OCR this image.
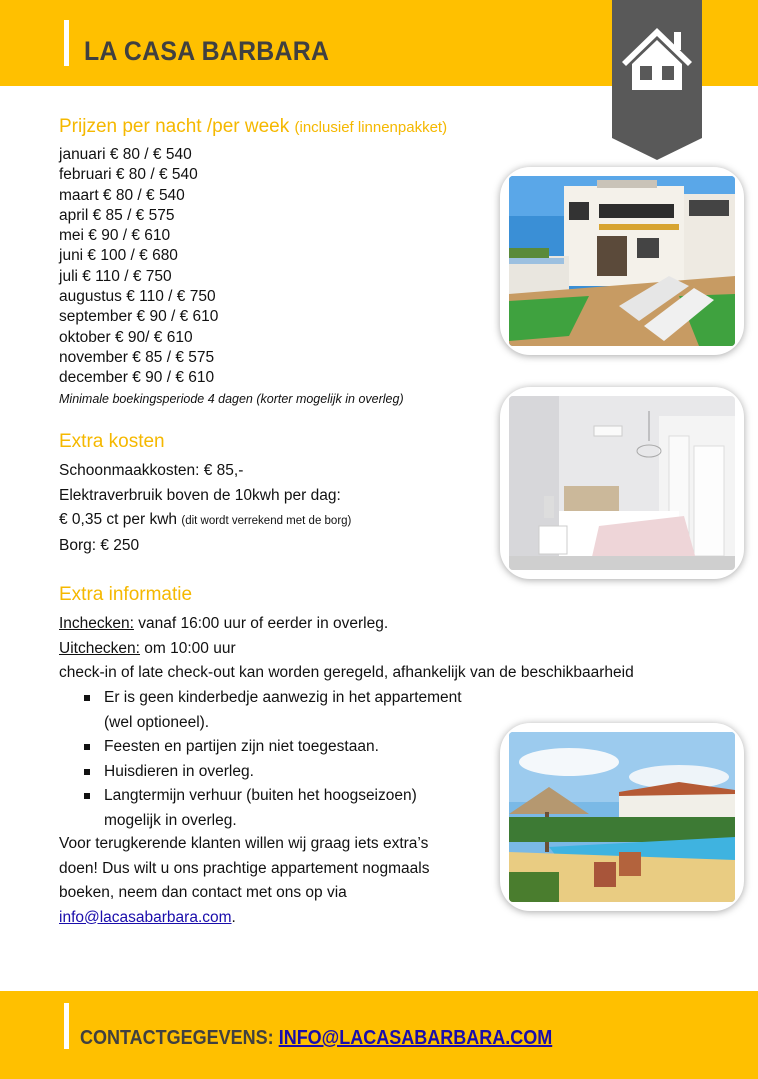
LA CASA BARBARA
Prijzen per nacht /per week (inclusief linnenpakket)
januari € 80 / € 540
februari € 80 / € 540
maart € 80 / € 540
april € 85 / € 575
mei € 90 / € 610
juni € 100 / € 680
juli € 110 / € 750
augustus € 110 / € 750
september € 90 / € 610
oktober € 90/ € 610
november € 85 / € 575
december € 90 / € 610
Minimale boekingsperiode 4 dagen (korter mogelijk in overleg)
Extra kosten
Schoonmaakkosten: € 85,-
Elektraverbruik boven de 10kwh per dag:
€ 0,35 ct per kwh (dit wordt verrekend met de borg)
Borg: € 250
Extra informatie
Inchecken: vanaf 16:00 uur of eerder in overleg.
Uitchecken: om 10:00 uur
check-in of late check-out kan worden geregeld, afhankelijk van de beschikbaarheid
Er is geen kinderbedje aanwezig in het appartement (wel optioneel).
Feesten en partijen zijn niet toegestaan.
Huisdieren in overleg.
Langtermijn verhuur (buiten het hoogseizoen) mogelijk in overleg.
Voor terugkerende klanten willen wij graag iets extra’s doen! Dus wilt u ons prachtige appartement nogmaals boeken, neem dan contact met ons op via info@lacasabarbara.com.
CONTACTGEGEVENS: INFO@LACASABARBARA.COM
